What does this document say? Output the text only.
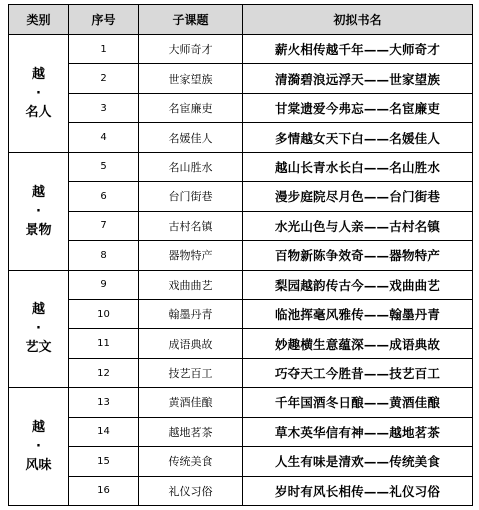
类别	序号	子课题	初拟书名

越
·
名人	1	大师奇才	薪火相传越千年——大师奇才
	2	世家望族	清漪碧浪远浮天——世家望族
	3	名宦廉吏	甘棠遗爱今弗忘——名宦廉吏
	4	名媛佳人	多情越女天下白——名媛佳人

越
·
景物	5	名山胜水	越山长青水长白——名山胜水
	6	台门街巷	漫步庭院尽月色——台门街巷
	7	古村名镇	水光山色与人亲——古村名镇
	8	器物特产	百物新陈争效奇——器物特产

越
·
艺文	9	戏曲曲艺	梨园越韵传古今——戏曲曲艺
	10	翰墨丹青	临池挥毫风雅传——翰墨丹青
	11	成语典故	妙趣横生意蕴深——成语典故
	12	技艺百工	巧夺天工今胜昔——技艺百工

越
·
风味	13	黄酒佳酿	千年国酒冬日酿——黄酒佳酿
	14	越地茗茶	草木英华信有神——越地茗茶
	15	传统美食	人生有味是清欢——传统美食
	16	礼仪习俗	岁时有风长相传——礼仪习俗
